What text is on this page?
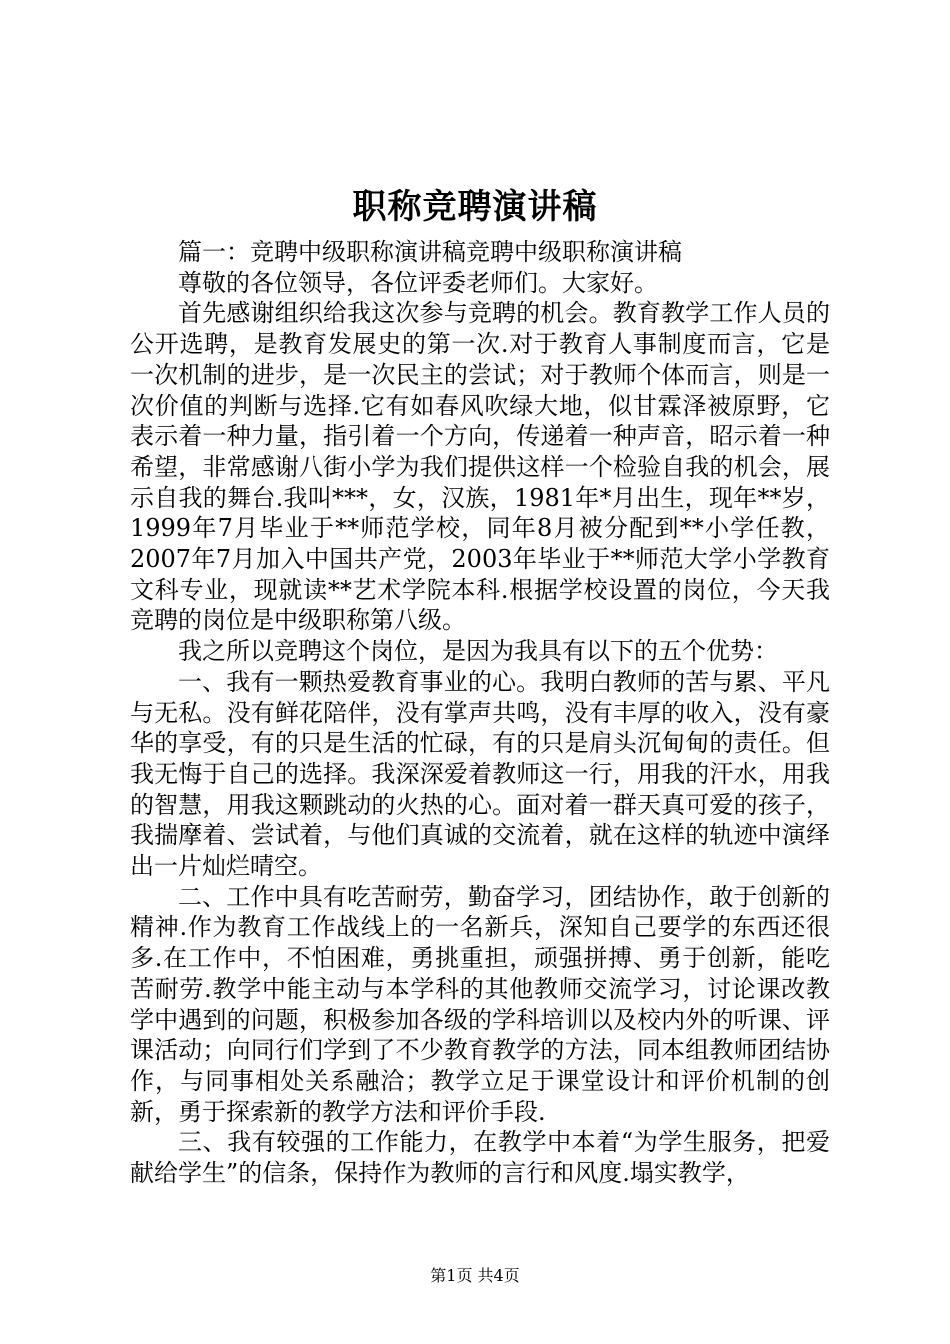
职称竞聘演讲稿

篇一：竞聘中级职称演讲稿竞聘中级职称演讲稿

尊敬的各位领导，各位评委老师们。大家好。

首先感谢组织给我这次参与竞聘的机会。教育教学工作人员的公开选聘，是教育发展史的第一次.对于教育人事制度而言，它是一次机制的进步，是一次民主的尝试；对于教师个体而言，则是一次价值的判断与选择.它有如春风吹绿大地，似甘霖泽被原野，它表示着一种力量，指引着一个方向，传递着一种声音，昭示着一种希望，非常感谢八街小学为我们提供这样一个检验自我的机会，展示自我的舞台.我叫***，女，汉族，1981年*月出生，现年**岁，1999年7月毕业于**师范学校，同年8月被分配到**小学任教，2007年7月加入中国共产党，2003年毕业于**师范大学小学教育文科专业，现就读**艺术学院本科.根据学校设置的岗位，今天我竞聘的岗位是中级职称第八级。

我之所以竞聘这个岗位，是因为我具有以下的五个优势：

一、我有一颗热爱教育事业的心。我明白教师的苦与累、平凡与无私。没有鲜花陪伴，没有掌声共鸣，没有丰厚的收入，没有豪华的享受，有的只是生活的忙碌，有的只是肩头沉甸甸的责任。但我无悔于自己的选择。我深深爱着教师这一行，用我的汗水，用我的智慧，用我这颗跳动的火热的心。面对着一群天真可爱的孩子，我揣摩着、尝试着，与他们真诚的交流着，就在这样的轨迹中演绎出一片灿烂晴空。

二、工作中具有吃苦耐劳，勤奋学习，团结协作，敢于创新的精神.作为教育工作战线上的一名新兵，深知自己要学的东西还很多.在工作中，不怕困难，勇挑重担，顽强拼搏、勇于创新，能吃苦耐劳.教学中能主动与本学科的其他教师交流学习，讨论课改教学中遇到的问题，积极参加各级的学科培训以及校内外的听课、评课活动；向同行们学到了不少教育教学的方法，同本组教师团结协作，与同事相处关系融洽；教学立足于课堂设计和评价机制的创新，勇于探索新的教学方法和评价手段.

三、我有较强的工作能力，在教学中本着“为学生服务，把爱献给学生”的信条，保持作为教师的言行和风度.塌实教学，

第1页 共4页
